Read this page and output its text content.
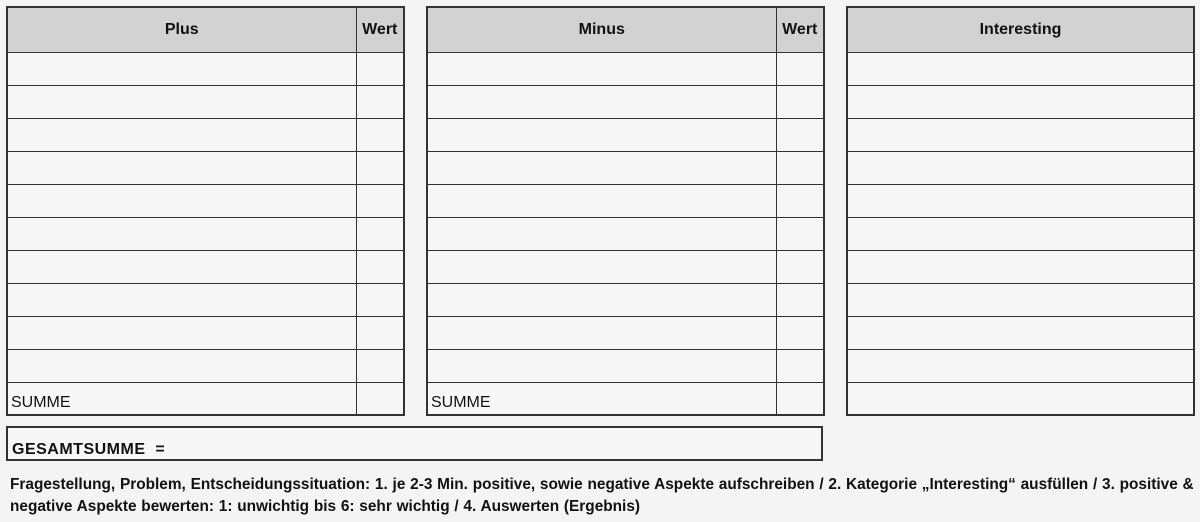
Plus	Wert

SUMME	
Minus	Wert

SUMME	
Interesting

GESAMTSUMME  =
Fragestellung, Problem, Entscheidungssituation: 1. je 2-3 Min. positive, sowie negative Aspekte aufschreiben / 2. Kategorie „Interesting“ ausfüllen / 3. positive & negative Aspekte bewerten: 1: unwichtig bis 6: sehr wichtig / 4. Auswerten (Ergebnis)
